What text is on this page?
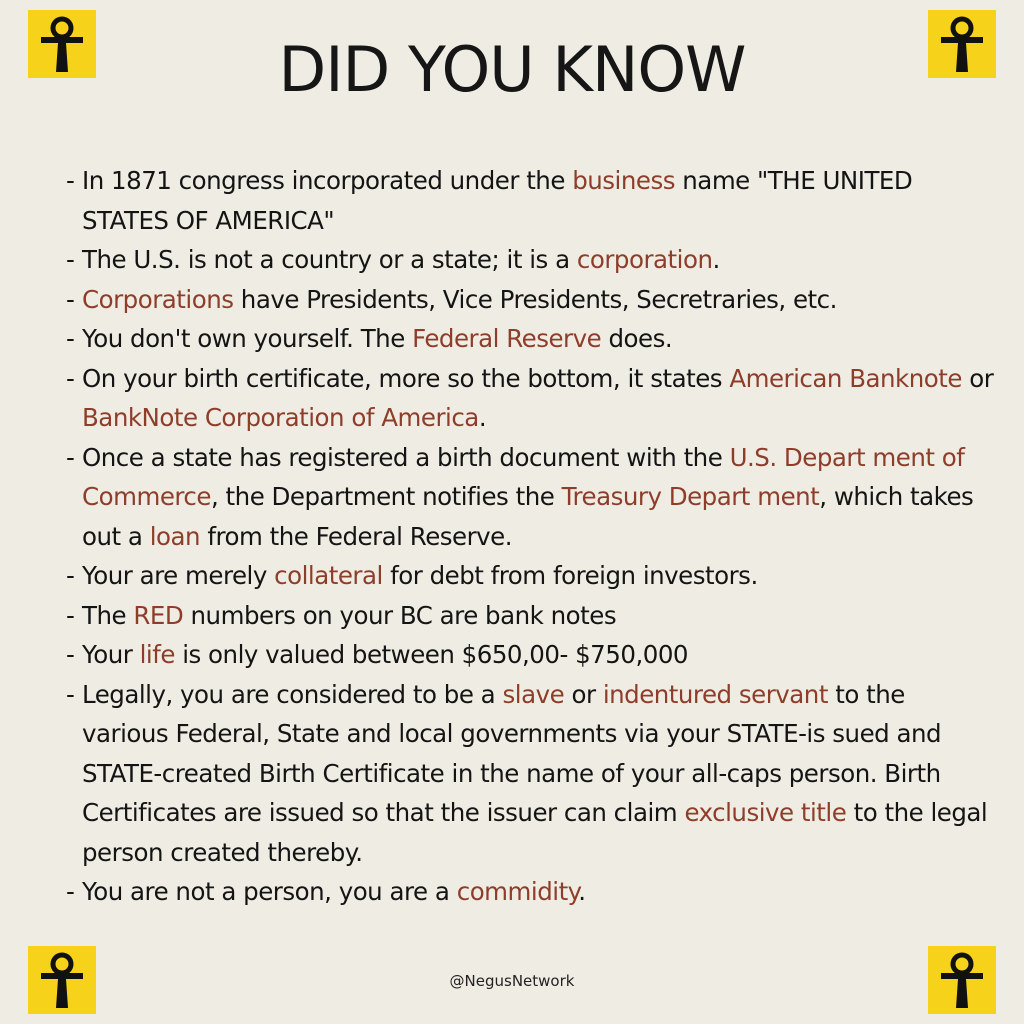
DID YOU KNOW
- In 1871 congress incorporated under the business name "THE UNITED STATES OF AMERICA"
- The U.S. is not a country or a state; it is a corporation.
- Corporations have Presidents, Vice Presidents, Secretraries, etc.
- You don't own yourself. The Federal Reserve does.
- On your birth certificate, more so the bottom, it states American Banknote or BankNote Corporation of America.
- Once a state has registered a birth document with the U.S. Depart ment of Commerce, the Department notifies the Treasury Depart ment, which takes out a loan from the Federal Reserve.
- Your are merely collateral for debt from foreign investors.
- The RED numbers on your BC are bank notes
- Your life is only valued between $650,00- $750,000
- Legally, you are considered to be a slave or indentured servant to the various Federal, State and local governments via your STATE-is sued and STATE-created Birth Certificate in the name of your all-caps person. Birth Certificates are issued so that the issuer can claim exclusive title to the legal person created thereby.
- You are not a person, you are a commidity.
@NegusNetwork
